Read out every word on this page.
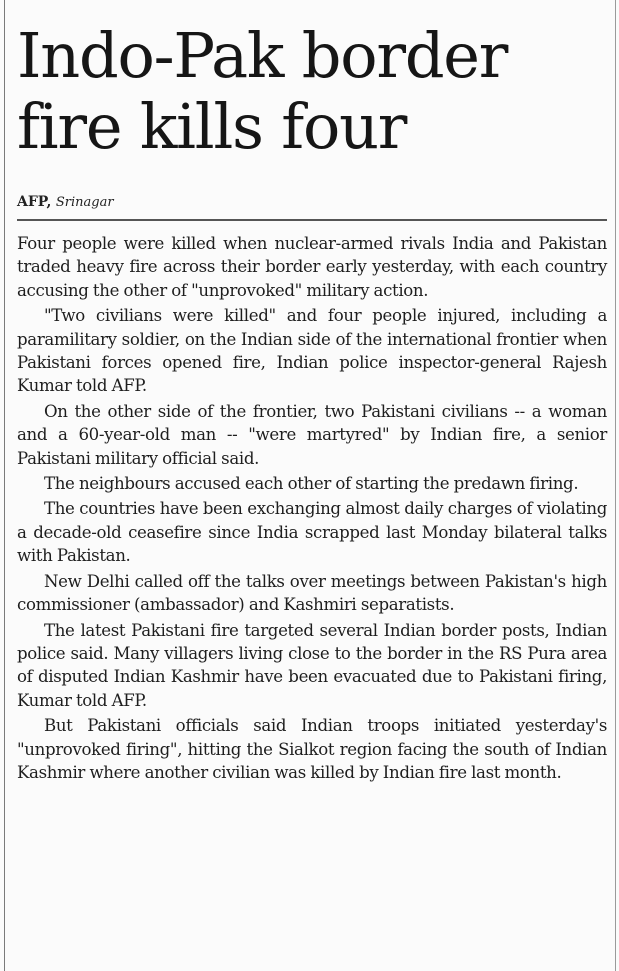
Indo-Pak border fire kills four
AFP, Srinagar

Four people were killed when nuclear-armed rivals India and Pakistan traded heavy fire across their border early yesterday, with each country accusing the other of "unprovoked" military action.

"Two civilians were killed" and four people injured, including a paramilitary soldier, on the Indian side of the international frontier when Pakistani forces opened fire, Indian police inspector-general Rajesh Kumar told AFP.

On the other side of the frontier, two Pakistani civilians -- a woman and a 60-year-old man -- "were martyred" by Indian fire, a senior Pakistani military official said.

The neighbours accused each other of starting the predawn firing.

The countries have been exchanging almost daily charges of violating a decade-old ceasefire since India scrapped last Monday bilateral talks with Pakistan.

New Delhi called off the talks over meetings between Pakistan's high commissioner (ambassador) and Kashmiri separatists.

The latest Pakistani fire targeted several Indian border posts, Indian police said. Many villagers living close to the border in the RS Pura area of disputed Indian Kashmir have been evacuated due to Pakistani firing, Kumar told AFP.

But Pakistani officials said Indian troops initiated yesterday's "unprovoked firing", hitting the Sialkot region facing the south of Indian Kashmir where another civilian was killed by Indian fire last month.
